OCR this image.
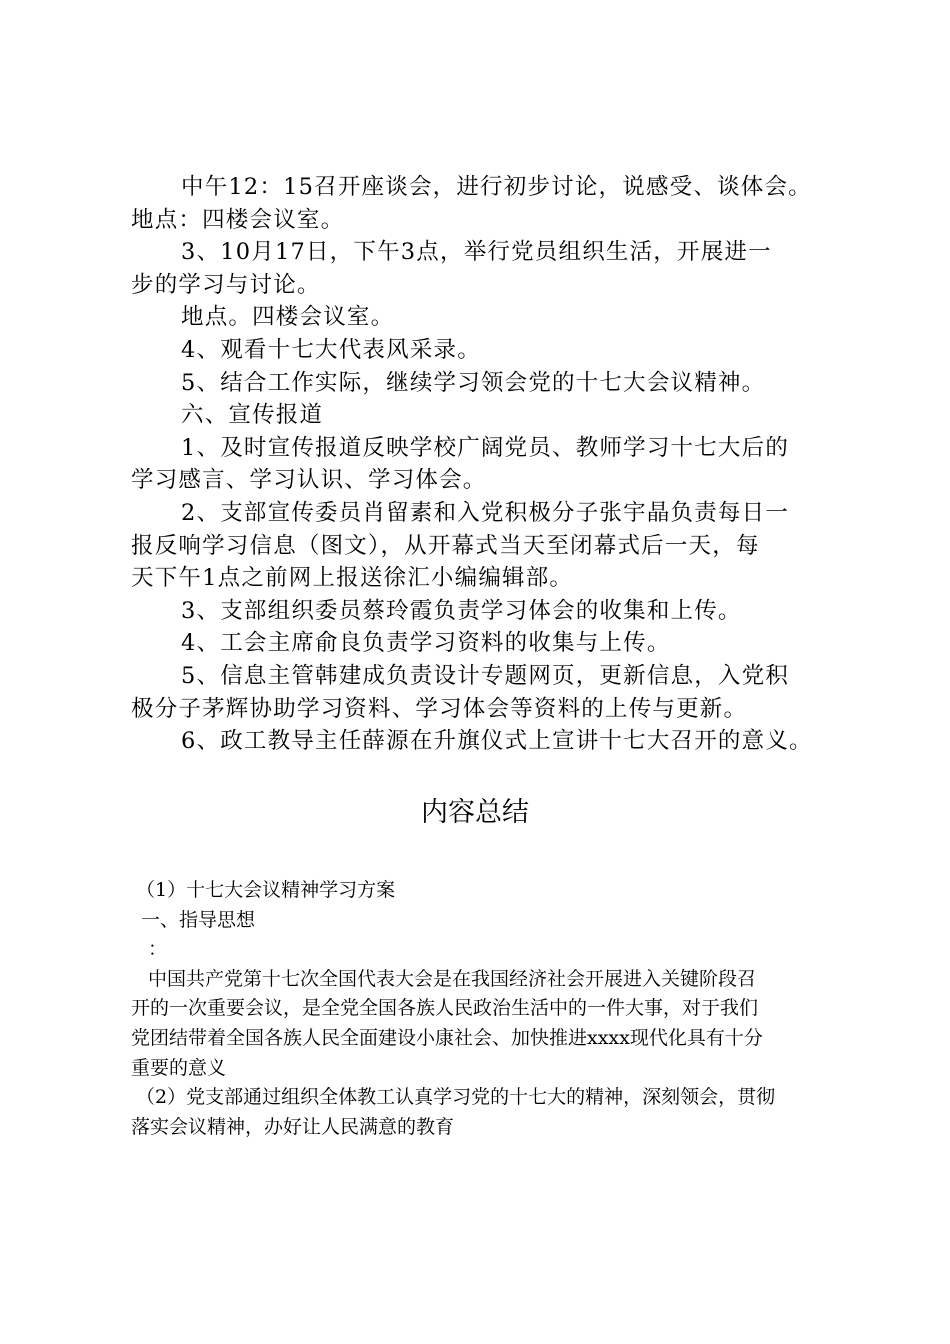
中午12：15召开座谈会，进行初步讨论，说感受、谈体会。

地点：四楼会议室。

3、10月17日，下午3点，举行党员组织生活，开展进一

步的学习与讨论。

地点。四楼会议室。

4、观看十七大代表风采录。

5、结合工作实际，继续学习领会党的十七大会议精神。

六、宣传报道

1、及时宣传报道反映学校广阔党员、教师学习十七大后的

学习感言、学习认识、学习体会。

2、支部宣传委员肖留素和入党积极分子张宇晶负责每日一

报反响学习信息（图文），从开幕式当天至闭幕式后一天，每

天下午1点之前网上报送徐汇小编编辑部。

3、支部组织委员蔡玲霞负责学习体会的收集和上传。

4、工会主席俞良负责学习资料的收集与上传。

5、信息主管韩建成负责设计专题网页，更新信息，入党积

极分子茅辉协助学习资料、学习体会等资料的上传与更新。

6、政工教导主任薛源在升旗仪式上宣讲十七大召开的意义。

内容总结

（1）十七大会议精神学习方案

一、指导思想

：

中国共产党第十七次全国代表大会是在我国经济社会开展进入关键阶段召

开的一次重要会议，是全党全国各族人民政治生活中的一件大事，对于我们

党团结带着全国各族人民全面建设小康社会、加快推进xxxx现代化具有十分

重要的意义

（2）党支部通过组织全体教工认真学习党的十七大的精神，深刻领会，贯彻

落实会议精神，办好让人民满意的教育
